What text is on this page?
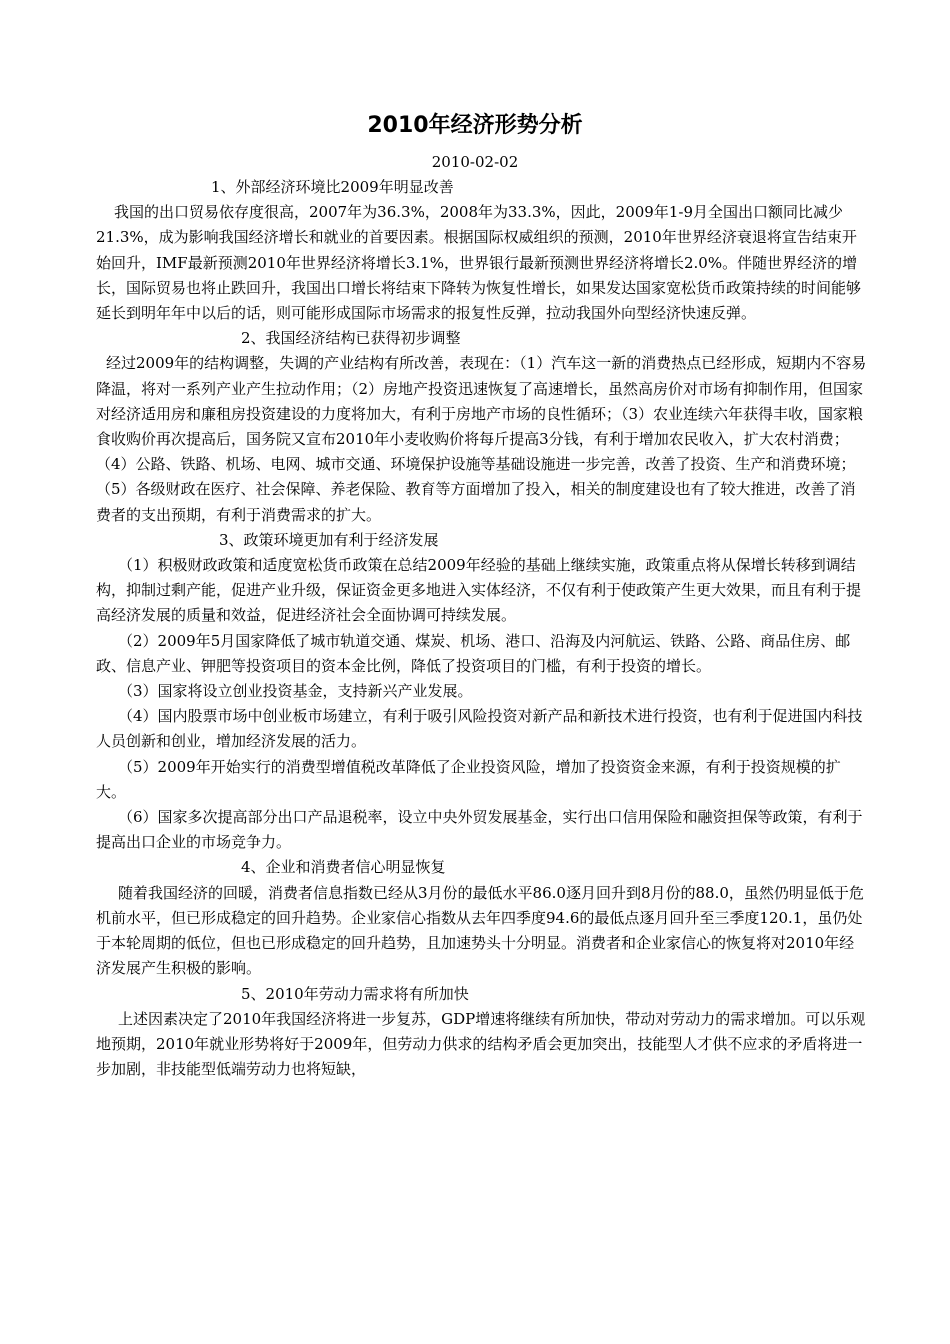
2010年经济形势分析
2010-02-02

1、外部经济环境比2009年明显改善

我国的出口贸易依存度很高，2007年为36.3%，2008年为33.3%，因此，2009年1-9月全国出口额同比减少21.3%，成为影响我国经济增长和就业的首要因素。根据国际权威组织的预测，2010年世界经济衰退将宣告结束开始回升，IMF最新预测2010年世界经济将增长3.1%，世界银行最新预测世界经济将增长2.0%。伴随世界经济的增长，国际贸易也将止跌回升，我国出口增长将结束下降转为恢复性增长，如果发达国家宽松货币政策持续的时间能够延长到明年年中以后的话，则可能形成国际市场需求的报复性反弹，拉动我国外向型经济快速反弹。

2、我国经济结构已获得初步调整

经过2009年的结构调整，失调的产业结构有所改善，表现在：（1）汽车这一新的消费热点已经形成，短期内不容易降温，将对一系列产业产生拉动作用；（2）房地产投资迅速恢复了高速增长，虽然高房价对市场有抑制作用，但国家对经济适用房和廉租房投资建设的力度将加大，有利于房地产市场的良性循环；（3）农业连续六年获得丰收，国家粮食收购价再次提高后，国务院又宣布2010年小麦收购价将每斤提高3分钱，有利于增加农民收入，扩大农村消费；（4）公路、铁路、机场、电网、城市交通、环境保护设施等基础设施进一步完善，改善了投资、生产和消费环境；（5）各级财政在医疗、社会保障、养老保险、教育等方面增加了投入，相关的制度建设也有了较大推进，改善了消费者的支出预期，有利于消费需求的扩大。

3、政策环境更加有利于经济发展

（1）积极财政政策和适度宽松货币政策在总结2009年经验的基础上继续实施，政策重点将从保增长转移到调结构，抑制过剩产能，促进产业升级，保证资金更多地进入实体经济，不仅有利于使政策产生更大效果，而且有利于提高经济发展的质量和效益，促进经济社会全面协调可持续发展。

（2）2009年5月国家降低了城市轨道交通、煤炭、机场、港口、沿海及内河航运、铁路、公路、商品住房、邮政、信息产业、钾肥等投资项目的资本金比例，降低了投资项目的门槛，有利于投资的增长。

（3）国家将设立创业投资基金，支持新兴产业发展。

（4）国内股票市场中创业板市场建立，有利于吸引风险投资对新产品和新技术进行投资，也有利于促进国内科技人员创新和创业，增加经济发展的活力。

（5）2009年开始实行的消费型增值税改革降低了企业投资风险，增加了投资资金来源，有利于投资规模的扩大。

（6）国家多次提高部分出口产品退税率，设立中央外贸发展基金，实行出口信用保险和融资担保等政策，有利于提高出口企业的市场竞争力。

4、企业和消费者信心明显恢复

随着我国经济的回暖，消费者信息指数已经从3月份的最低水平86.0逐月回升到8月份的88.0，虽然仍明显低于危机前水平，但已形成稳定的回升趋势。企业家信心指数从去年四季度94.6的最低点逐月回升至三季度120.1，虽仍处于本轮周期的低位，但也已形成稳定的回升趋势，且加速势头十分明显。消费者和企业家信心的恢复将对2010年经济发展产生积极的影响。

5、2010年劳动力需求将有所加快

上述因素决定了2010年我国经济将进一步复苏，GDP增速将继续有所加快，带动对劳动力的需求增加。可以乐观地预期，2010年就业形势将好于2009年，但劳动力供求的结构矛盾会更加突出，技能型人才供不应求的矛盾将进一步加剧，非技能型低端劳动力也将短缺，
